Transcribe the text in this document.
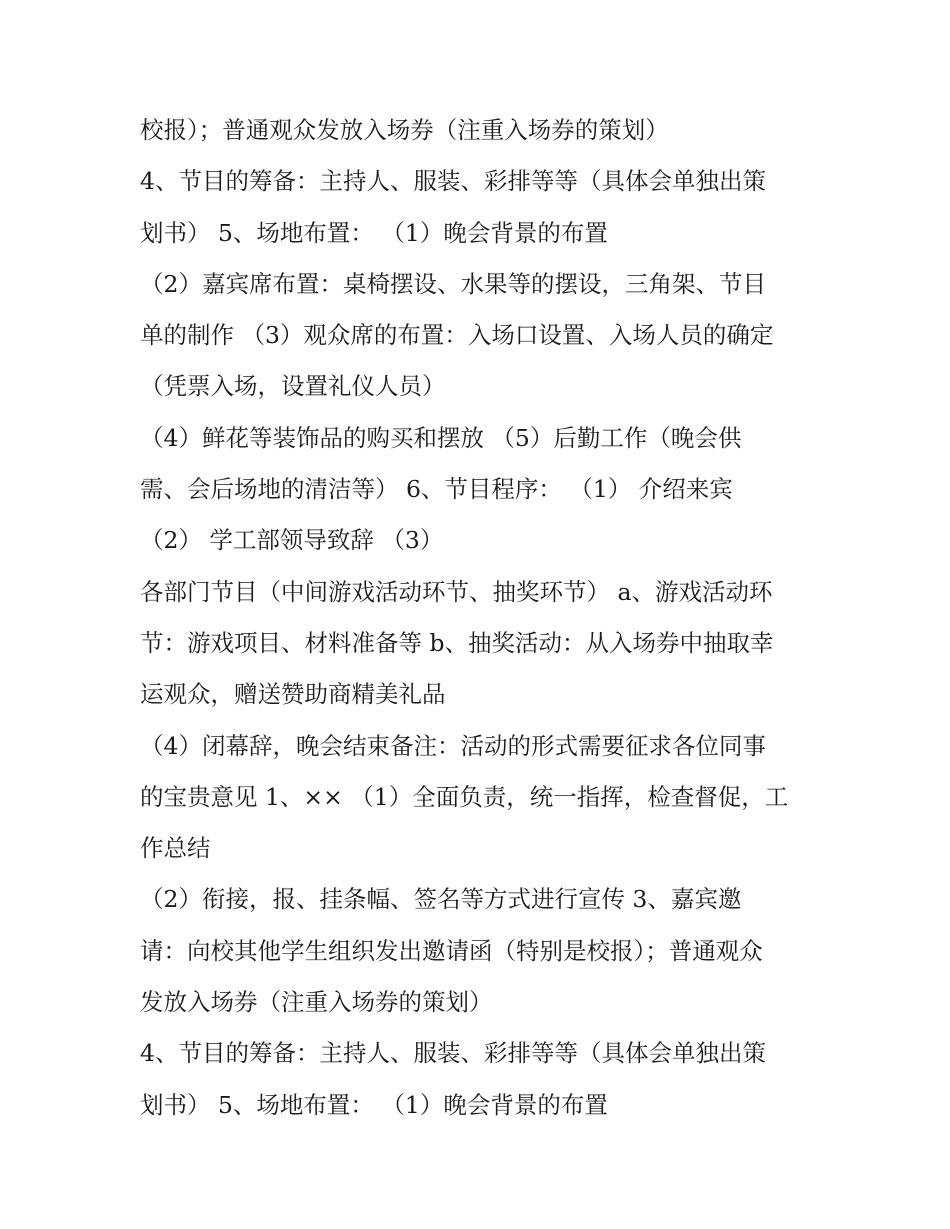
校报）；普通观众发放入场券（注重入场券的策划）
4、节目的筹备：主持人、服装、彩排等等（具体会单独出策
划书） 5、场地布置： （1）晚会背景的布置
（2）嘉宾席布置：桌椅摆设、水果等的摆设，三角架、节目
单的制作 （3）观众席的布置：入场口设置、入场人员的确定
（凭票入场，设置礼仪人员）
（4）鲜花等装饰品的购买和摆放 （5）后勤工作（晚会供
需、会后场地的清洁等） 6、节目程序： （1） 介绍来宾
（2） 学工部领导致辞 （3）
各部门节目（中间游戏活动环节、抽奖环节） a、游戏活动环
节：游戏项目、材料准备等 b、抽奖活动：从入场券中抽取幸
运观众，赠送赞助商精美礼品
（4）闭幕辞，晚会结束备注：活动的形式需要征求各位同事
的宝贵意见 1、×× （1）全面负责，统一指挥，检查督促，工
作总结
（2）衔接，报、挂条幅、签名等方式进行宣传 3、嘉宾邀
请：向校其他学生组织发出邀请函（特别是校报）；普通观众
发放入场券（注重入场券的策划）
4、节目的筹备：主持人、服装、彩排等等（具体会单独出策
划书） 5、场地布置： （1）晚会背景的布置
